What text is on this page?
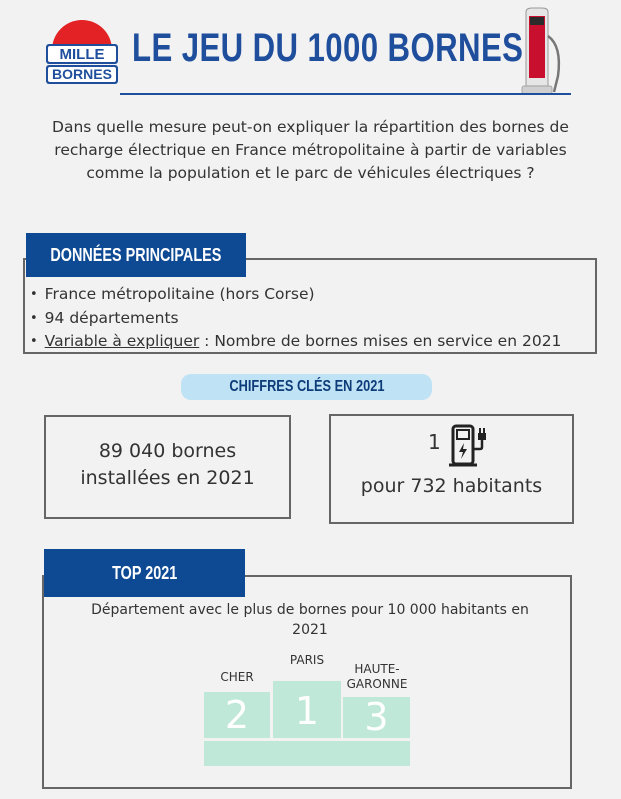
MILLE
BORNES
LE JEU DU 1000 BORNES
Dans quelle mesure peut-on expliquer la répartition des bornes de recharge électrique en France métropolitaine à partir de variables comme la population et le parc de véhicules électriques ?
DONNÉES PRINCIPALES
• France métropolitaine (hors Corse)
• 94 départements
• Variable à expliquer : Nombre de bornes mises en service en 2021
CHIFFRES CLÉS EN 2021
89 040 bornes
installées en 2021
1
pour 732 habitants
TOP 2021
Département avec le plus de bornes pour 10 000 habitants en 2021
CHER
PARIS
HAUTE-
GARONNE
2	1	3
